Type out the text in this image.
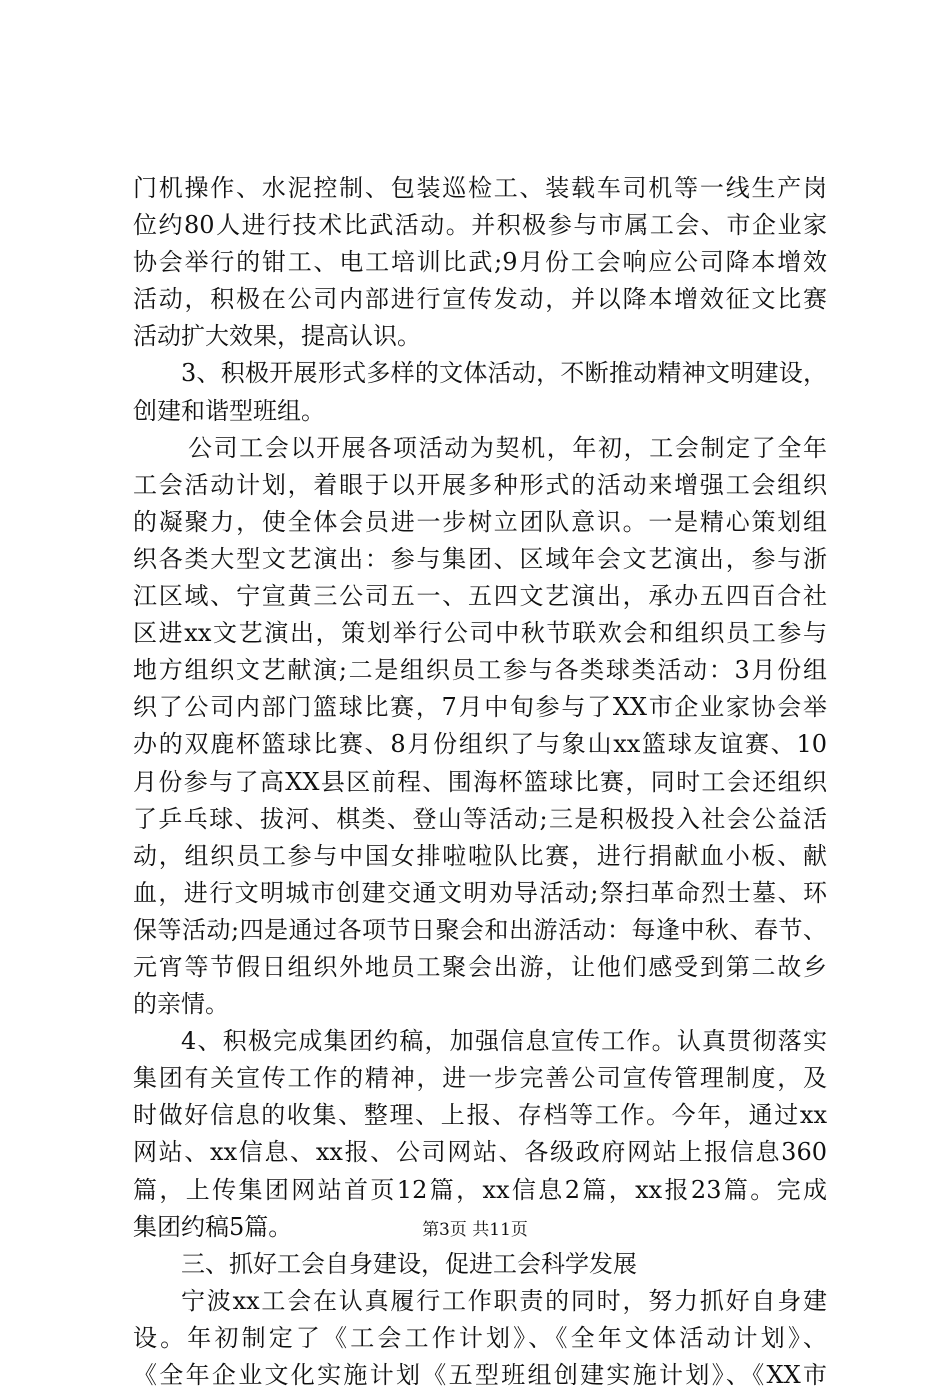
门机操作、水泥控制、包装巡检工、装载车司机等一线生产岗
位约80人进行技术比武活动。并积极参与市属工会、市企业家
协会举行的钳工、电工培训比武;9月份工会响应公司降本增效
活动，积极在公司内部进行宣传发动，并以降本增效征文比赛
活动扩大效果，提高认识。
3、积极开展形式多样的文体活动，不断推动精神文明建设，
创建和谐型班组。
公司工会以开展各项活动为契机，年初，工会制定了全年
工会活动计划，着眼于以开展多种形式的活动来增强工会组织
的凝聚力，使全体会员进一步树立团队意识。一是精心策划组
织各类大型文艺演出：参与集团、区域年会文艺演出，参与浙
江区域、宁宣黄三公司五一、五四文艺演出，承办五四百合社
区进xx文艺演出，策划举行公司中秋节联欢会和组织员工参与
地方组织文艺献演;二是组织员工参与各类球类活动：3月份组
织了公司内部门篮球比赛，7月中旬参与了XX市企业家协会举
办的双鹿杯篮球比赛、8月份组织了与象山xx篮球友谊赛、10
月份参与了高XX县区前程、围海杯篮球比赛，同时工会还组织
了乒乓球、拔河、棋类、登山等活动;三是积极投入社会公益活
动，组织员工参与中国女排啦啦队比赛，进行捐献血小板、献
血，进行文明城市创建交通文明劝导活动;祭扫革命烈士墓、环
保等活动;四是通过各项节日聚会和出游活动：每逢中秋、春节、
元宵等节假日组织外地员工聚会出游，让他们感受到第二故乡
的亲情。
4、积极完成集团约稿，加强信息宣传工作。认真贯彻落实
集团有关宣传工作的精神，进一步完善公司宣传管理制度，及
时做好信息的收集、整理、上报、存档等工作。今年，通过xx
网站、xx信息、xx报、公司网站、各级政府网站上报信息360
篇，上传集团网站首页12篇，xx信息2篇，xx报23篇。完成
集团约稿5篇。
三、抓好工会自身建设，促进工会科学发展
宁波xx工会在认真履行工作职责的同时，努力抓好自身建
设。年初制定了《工会工作计划》、《全年文体活动计划》、
《全年企业文化实施计划《五型班组创建实施计划》、《XX市
第3页 共11页
